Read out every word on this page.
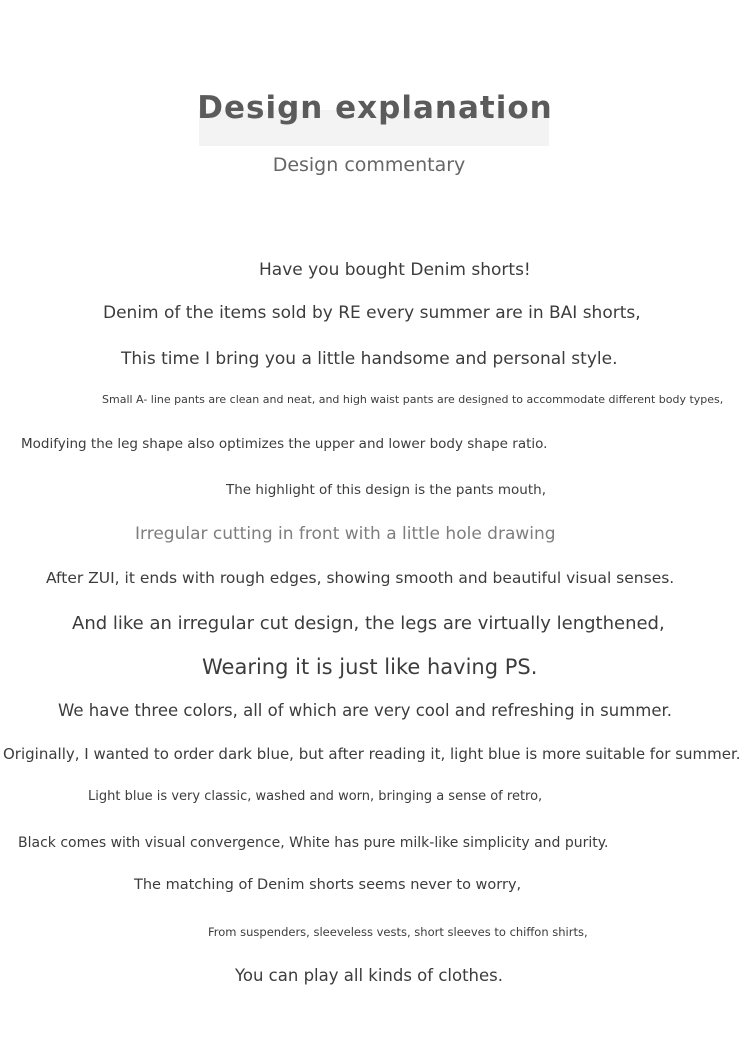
Design explanation
Design commentary
Have you bought Denim shorts!
Denim of the items sold by RE every summer are in BAI shorts,
This time I bring you a little handsome and personal style.
Small A- line pants are clean and neat, and high waist pants are designed to accommodate different body types,
Modifying the leg shape also optimizes the upper and lower body shape ratio.
The highlight of this design is the pants mouth,
Irregular cutting in front with a little hole drawing
After ZUI, it ends with rough edges, showing smooth and beautiful visual senses.
And like an irregular cut design, the legs are virtually lengthened,
Wearing it is just like having PS.
We have three colors, all of which are very cool and refreshing in summer.
Originally, I wanted to order dark blue, but after reading it, light blue is more suitable for summer.
Light blue is very classic, washed and worn, bringing a sense of retro,
Black comes with visual convergence, White has pure milk-like simplicity and purity.
The matching of Denim shorts seems never to worry,
From suspenders, sleeveless vests, short sleeves to chiffon shirts,
You can play all kinds of clothes.
